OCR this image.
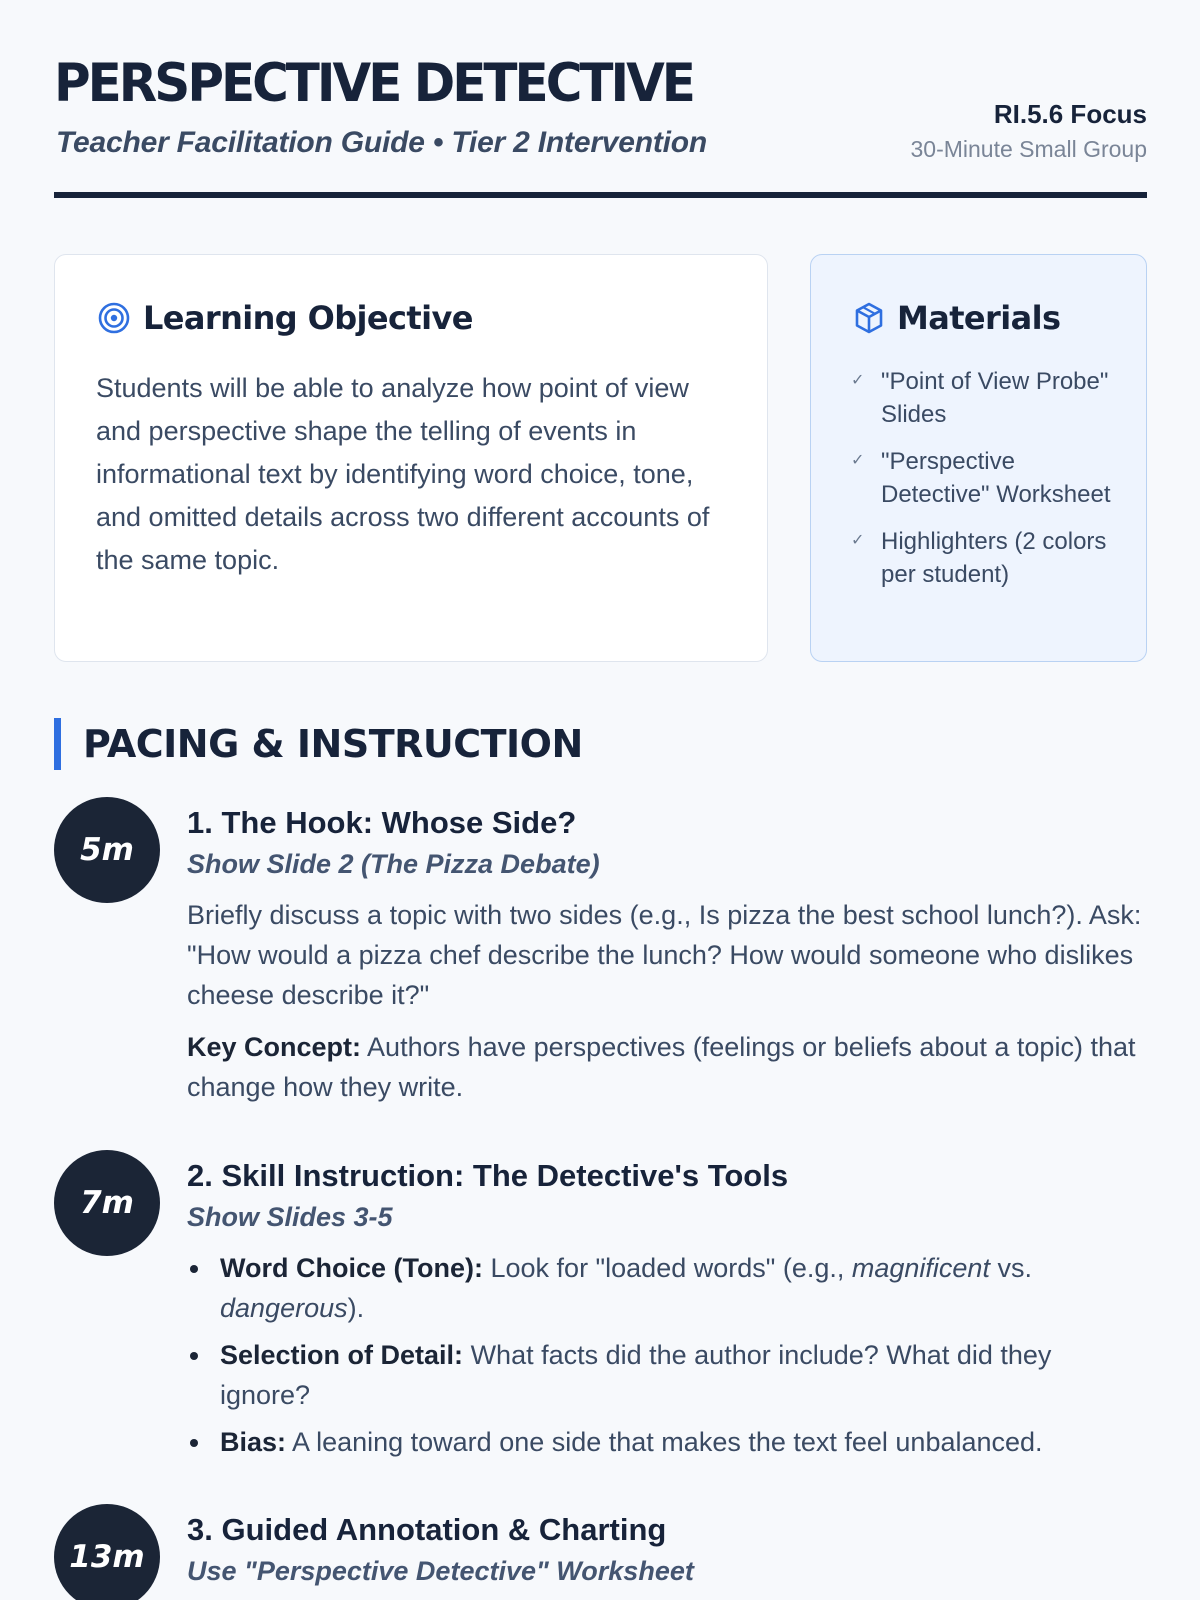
PERSPECTIVE DETECTIVE
Teacher Facilitation Guide • Tier 2 Intervention
RI.5.6 Focus
30-Minute Small Group
Learning Objective

Students will be able to analyze how point of view and perspective shape the telling of events in informational text by identifying word choice, tone, and omitted details across two different accounts of the same topic.

Materials
✓ "Point of View Probe" Slides
✓ "Perspective Detective" Worksheet
✓ Highlighters (2 colors per student)
PACING & INSTRUCTION
5m
1. The Hook: Whose Side?
Show Slide 2 (The Pizza Debate)

Briefly discuss a topic with two sides (e.g., Is pizza the best school lunch?). Ask: "How would a pizza chef describe the lunch? How would someone who dislikes cheese describe it?"

Key Concept: Authors have perspectives (feelings or beliefs about a topic) that change how they write.

7m
2. Skill Instruction: The Detective's Tools
Show Slides 3-5
Word Choice (Tone): Look for "loaded words" (e.g., magnificent vs. dangerous).
Selection of Detail: What facts did the author include? What did they ignore?
Bias: A leaning toward one side that makes the text feel unbalanced.
13m
3. Guided Annotation & Charting
Use "Perspective Detective" Worksheet
